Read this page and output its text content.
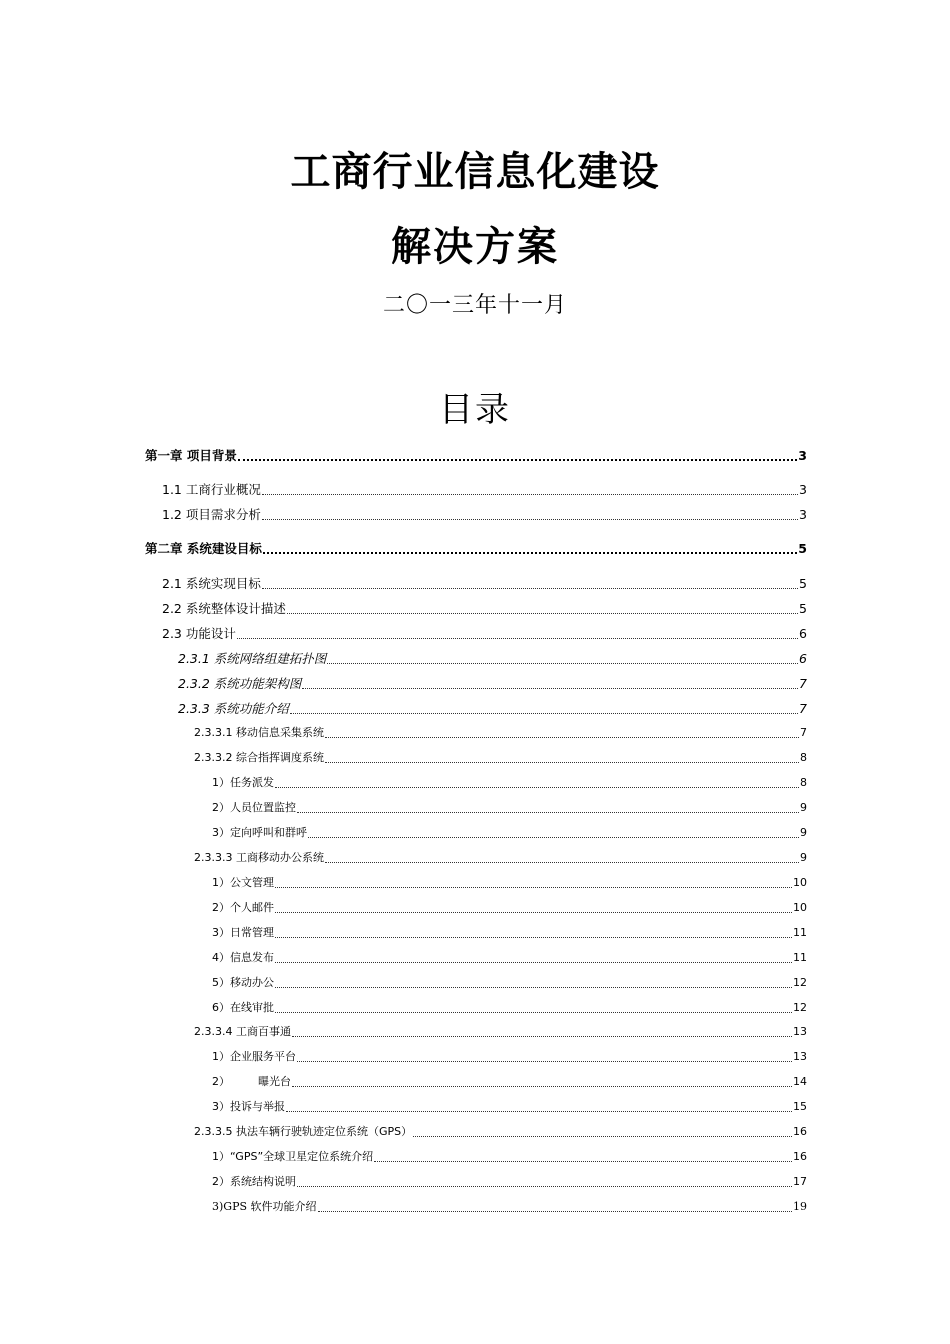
工商行业信息化建设
解决方案
二〇一三年十一月
目录
第一章 项目背景	3
1.1 工商行业概况	3
1.2 项目需求分析	3
第二章 系统建设目标	5
2.1 系统实现目标	5
2.2 系统整体设计描述	5
2.3 功能设计	6
2.3.1 系统网络组建拓扑图	6
2.3.2 系统功能架构图	7
2.3.3 系统功能介绍	7
2.3.3.1 移动信息采集系统	7
2.3.3.2 综合指挥调度系统	8
1）任务派发	8
2）人员位置监控	9
3）定向呼叫和群呼	9
2.3.3.3 工商移动办公系统	9
1）公文管理	10
2）个人邮件	10
3）日常管理	11
4）信息发布	11
5）移动办公	12
6）在线审批	12
2.3.3.4 工商百事通	13
1）企业服务平台	13
2）        曝光台	14
3）投诉与举报	15
2.3.3.5 执法车辆行驶轨迹定位系统（GPS）	16
1）“GPS”全球卫星定位系统介绍	16
2）系统结构说明	17
3)GPS 软件功能介绍	19
